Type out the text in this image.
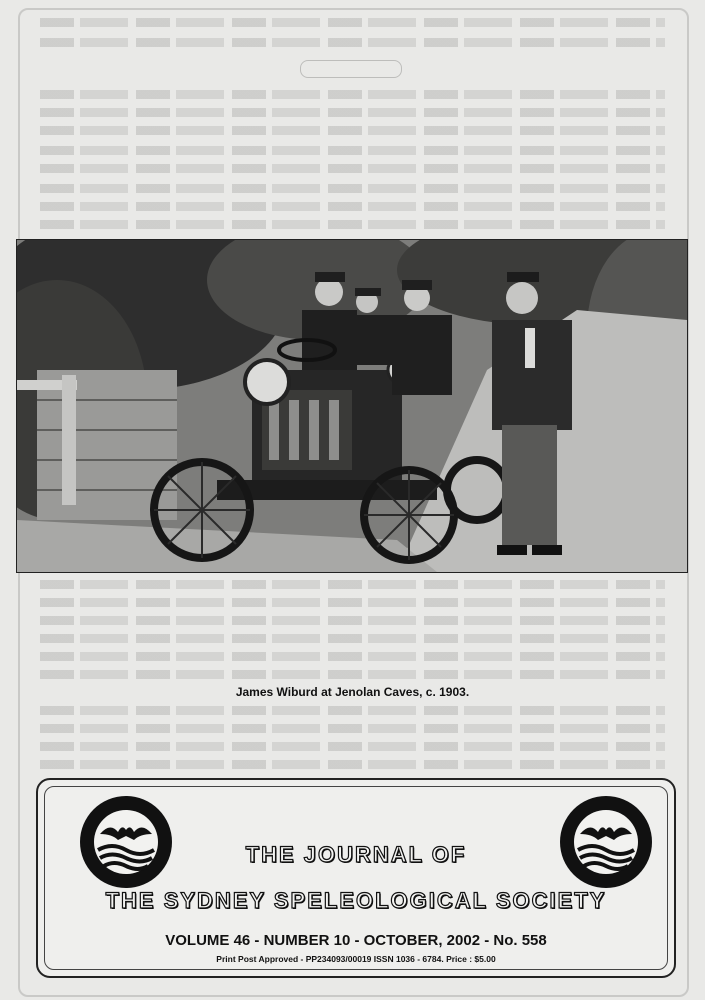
James Wiburd at Jenolan Caves, c. 1903.
THE JOURNAL OF
THE SYDNEY SPELEOLOGICAL SOCIETY
VOLUME 46 - NUMBER 10 - OCTOBER, 2002 - No. 558
Print Post Approved - PP234093/00019 ISSN 1036 - 6784. Price : $5.00
